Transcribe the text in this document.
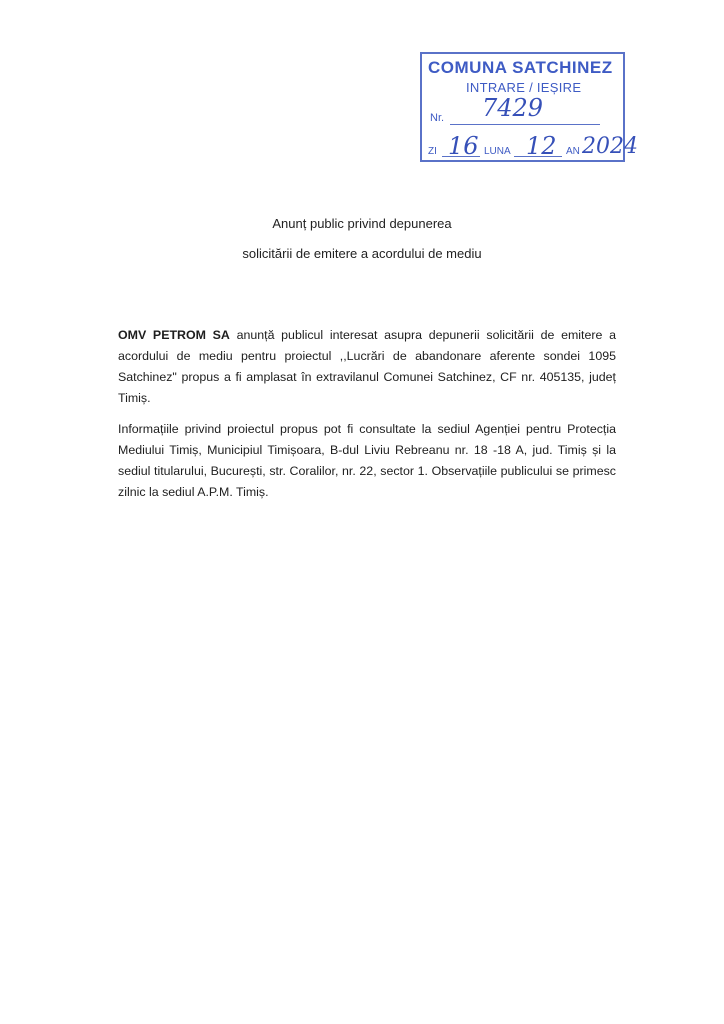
COMUNA SATCHINEZ
INTRARE / IEȘIRE
Nr. 7429
ZI 16 LUNA 12 AN 2024
Anunț public privind depunerea
solicitării de emitere a acordului de mediu
OMV PETROM SA anunță publicul interesat asupra depunerii solicitării de emitere a acordului de mediu pentru proiectul ,,Lucrări de abandonare aferente sondei 1095 Satchinez" propus a fi amplasat în extravilanul Comunei Satchinez, CF nr. 405135, județ Timiș.
Informațiile privind proiectul propus pot fi consultate la sediul Agenției pentru Protecția Mediului Timiș, Municipiul Timișoara, B-dul Liviu Rebreanu nr. 18 -18 A, jud. Timiș și la sediul titularului, București, str. Coralilor, nr. 22, sector 1. Observațiile publicului se primesc zilnic la sediul A.P.M. Timiș.
